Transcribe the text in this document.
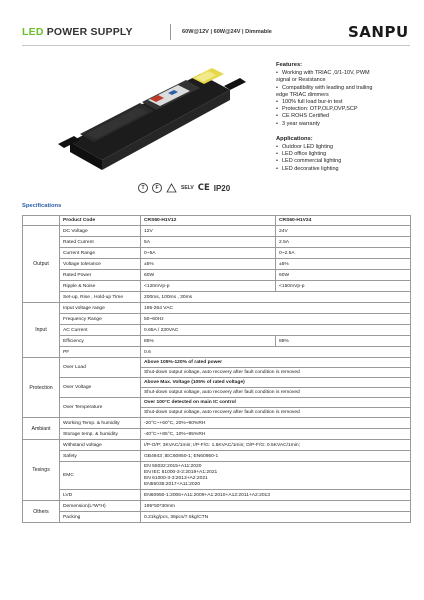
LED POWER SUPPLY	60W@12V | 60W@24V | Dimmable	SANPU
T	F	SELV CE IP20
Features:
• Working with TRIAC ,0/1-10V, PWM
signal or Resistance
• Compatibility with leading and trailing
edge TRIAC dimmers
• 100% full load bur-in test
• Protection: OTP,OLP,OVP,SCP
• CE ROHS Certified
• 3 year warranty
Applications:
• Outdoor LED lighting
• LED office lighting
• LED commercial lighting
• LED decorative lighting
Specifications
	Product Code	CRS60-H1V12	CRS60-H1V24
Output	DC Voltage	12V	24V
	Rated Current	5A	2.5A
	Current Range	0~5A	0~2.5A
	Voltage tolerance	±5%	±5%
	Rated Power	60W	60W
	Ripple & Noise	<120mVp-p	<150mVp-p
	Set-up, Rise , Hold-up Time	200ms, 100ms , 30ms	
Input	Input voltage range	195-264 VAC	
	Frequency Range	50~60Hz	
	AC Current	0.65A / 230VAC	
	Efficiency	85%	88%
	PF	0.6	
Protection	Over Load	Above 105%-120% of rated power	
		Shut-down output voltage, auto recovery after fault condition is removed	
	Over Voltage	Above Max. Voltage (105% of rated voltage)	
		Shut-down output voltage, auto recovery after fault condition is removed	
	Over Temperature	Over 100°C detected on main IC control	
		Shut-down output voltage, auto recovery after fault condition is removed	
Ambiant	Working Temp. & humidity	-20°C~+60°C, 20%~90%RH	
	Storage temp. & humidity	-40°C~+85°C, 10%~95%RH	
Tesings	Withstand voltage	I/P-O/P: 3KVAC/1min; I/P-F/G: 1.5KVAC/1min; O/P-F/G: 0.5KVAC/1min;	
	Safety	GB4943 ;IEC60950-1; EN60950-1	
	EMC	EN 55032:2015+A11:2020
EN IEC 61000-3-2:2019+A1:2021
EN 61000-3-3:2013+A2:2021
EN55035:2017+A11:2020	

	LVD	EN60950-1:2006+A11:2009+A1:2010+A12:2011+A2:2013	
Others	Demension(L*W*H)	195*50*30mm	
	Packing	0.21kg/pcs, 36pcs/7.5kg/CTN	
